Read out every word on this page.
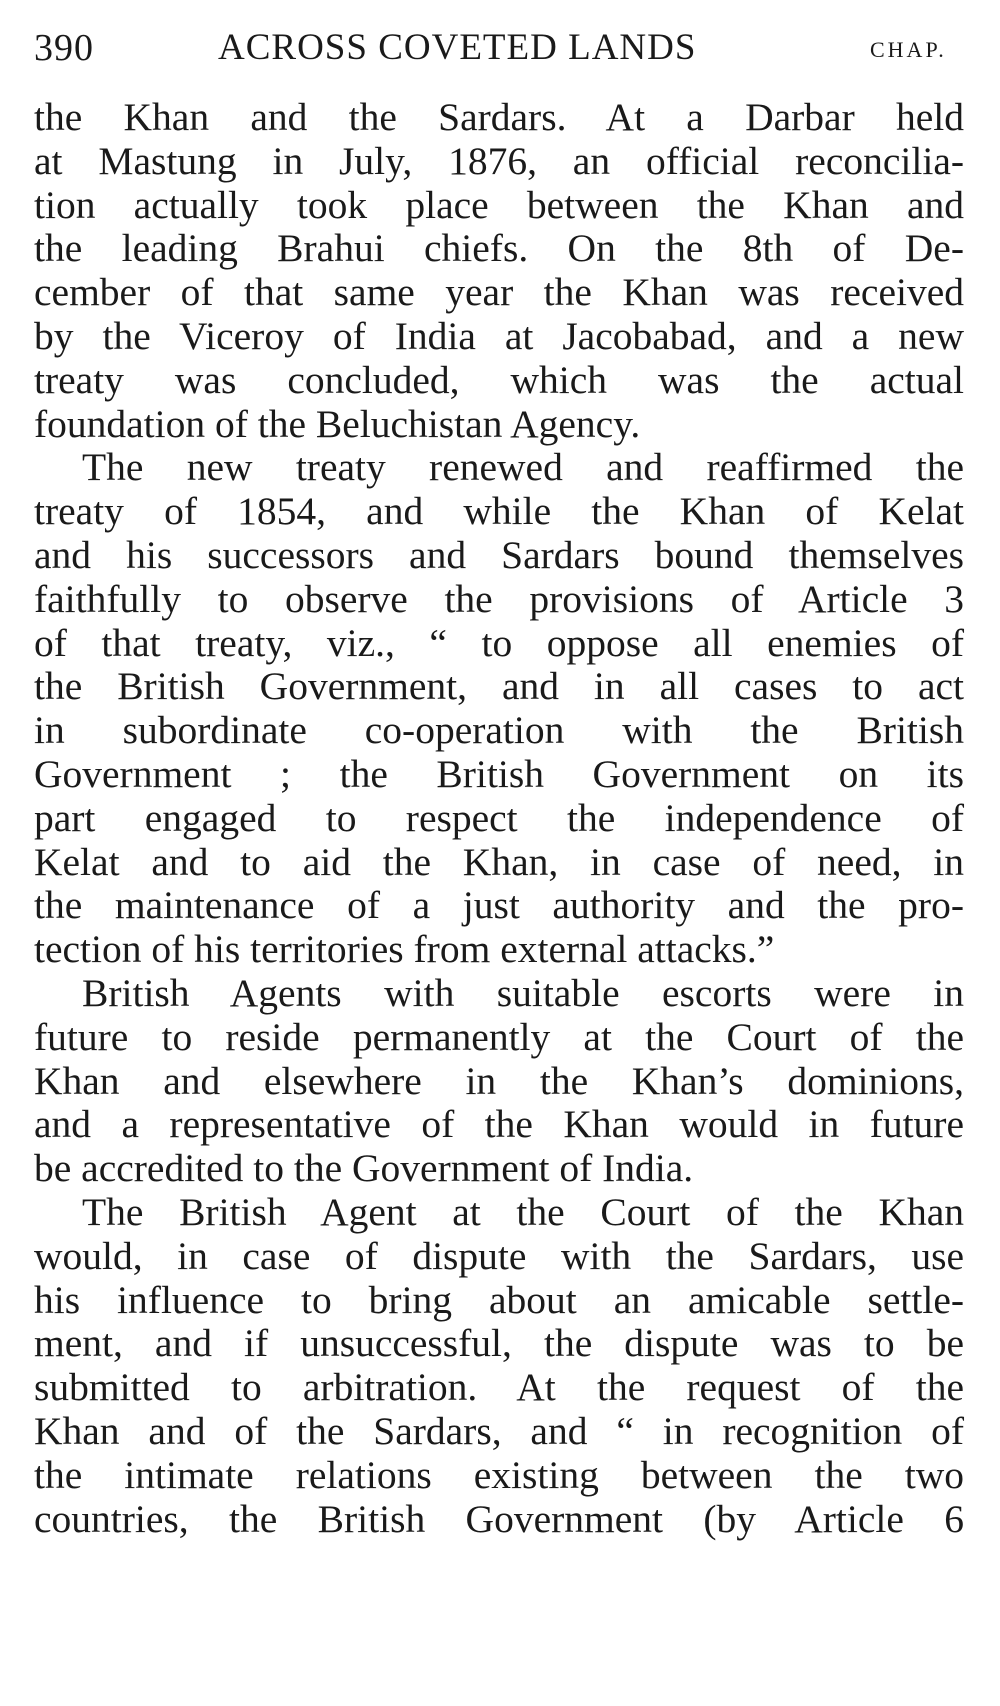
390	ACROSS COVETED LANDS	CHAP.
the Khan and the Sardars. At a Darbar held
at Mastung in July, 1876, an official reconcilia-
tion actually took place between the Khan and
the leading Brahui chiefs. On the 8th of De-
cember of that same year the Khan was received
by the Viceroy of India at Jacobabad, and a new
treaty was concluded, which was the actual
foundation of the Beluchistan Agency.
The new treaty renewed and reaffirmed the
treaty of 1854, and while the Khan of Kelat
and his successors and Sardars bound themselves
faithfully to observe the provisions of Article 3
of that treaty, viz., “ to oppose all enemies of
the British Government, and in all cases to act
in subordinate co-operation with the British
Government ; the British Government on its
part engaged to respect the independence of
Kelat and to aid the Khan, in case of need, in
the maintenance of a just authority and the pro-
tection of his territories from external attacks.”
British Agents with suitable escorts were in
future to reside permanently at the Court of the
Khan and elsewhere in the Khan’s dominions,
and a representative of the Khan would in future
be accredited to the Government of India.
The British Agent at the Court of the Khan
would, in case of dispute with the Sardars, use
his influence to bring about an amicable settle-
ment, and if unsuccessful, the dispute was to be
submitted to arbitration. At the request of the
Khan and of the Sardars, and “ in recognition of
the intimate relations existing between the two
countries, the British Government (by Article 6
